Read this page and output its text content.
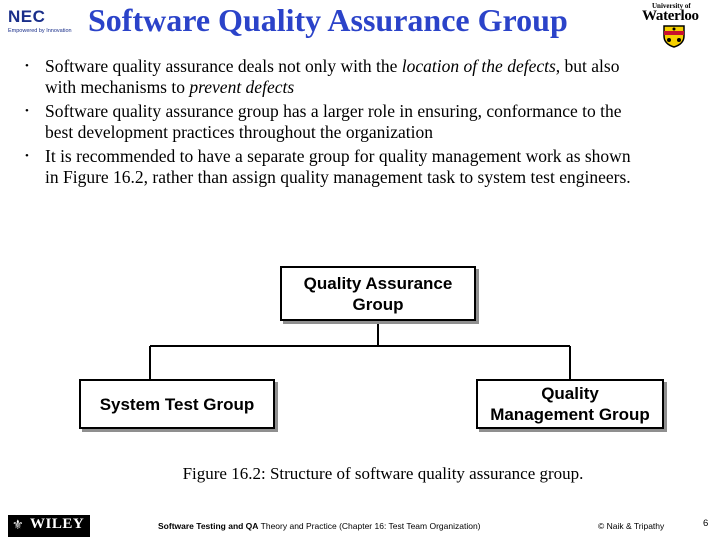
NEC
Empowered by Innovation Software Quality Assurance Group	University of
Waterloo
• Software quality assurance deals not only with the location of the defects, but also
with mechanisms to prevent defects
• Software quality assurance group has a larger role in ensuring, conformance to the
best development practices throughout the organization
• It is recommended to have a separate group for quality management work as shown
in Figure 16.2, rather than assign quality management task to system test engineers.
Quality Assurance
Group
System Test Group
Quality
Management Group
Figure 16.2: Structure of software quality assurance group.
⚜ WILEY	Software Testing and QA Theory and Practice (Chapter 16: Test Team Organization)	© Naik & Tripathy	6
